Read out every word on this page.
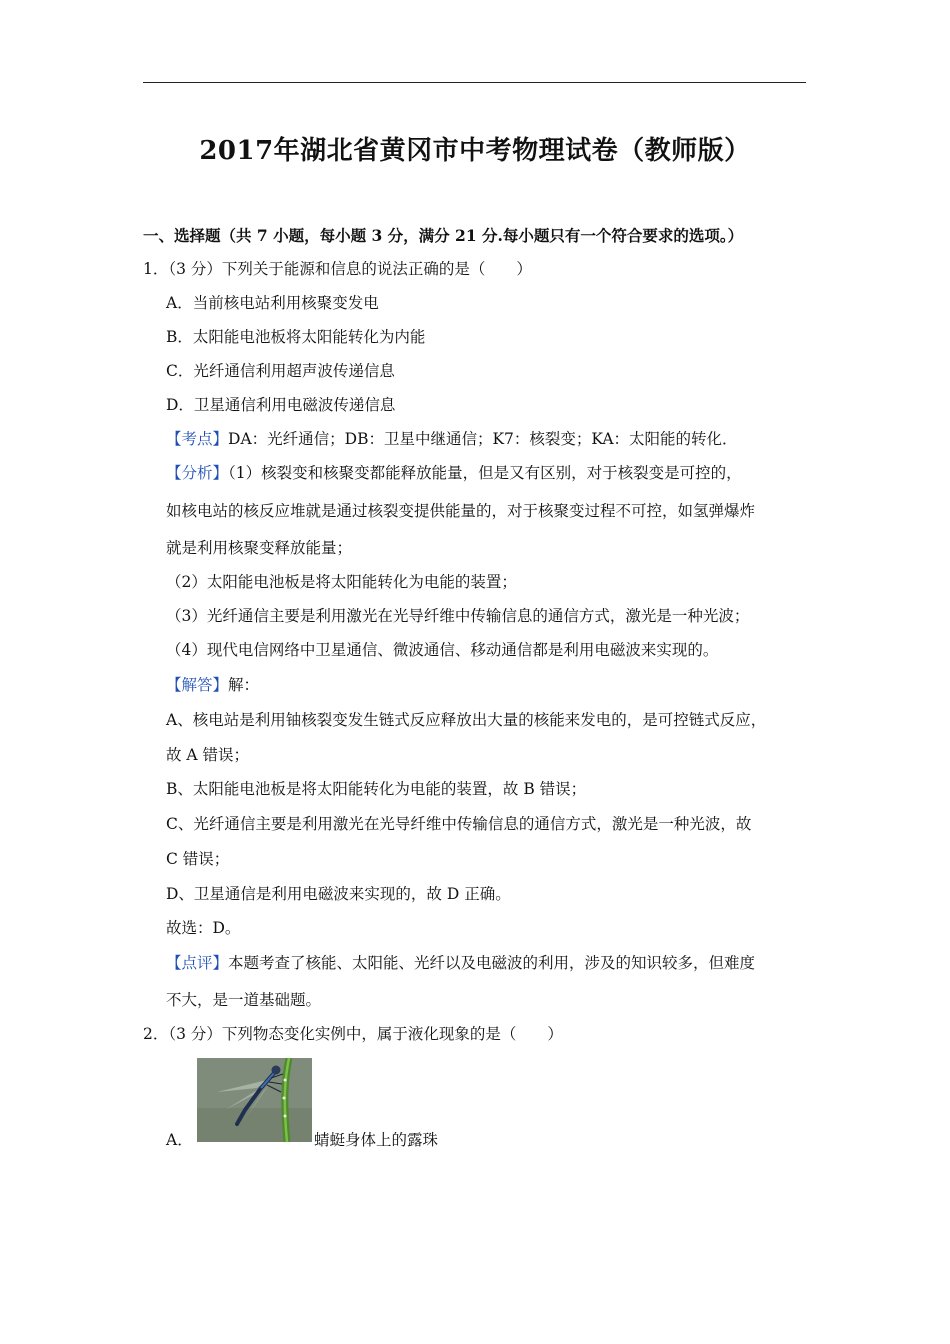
2017年湖北省黄冈市中考物理试卷（教师版）
一、选择题（共 7 小题，每小题 3 分，满分 21 分.每小题只有一个符合要求的选项。）
1．（3 分）下列关于能源和信息的说法正确的是（　　）
A．当前核电站利用核聚变发电
B．太阳能电池板将太阳能转化为内能
C．光纤通信利用超声波传递信息
D．卫星通信利用电磁波传递信息
【考点】DA：光纤通信；DB：卫星中继通信；K7：核裂变；KA：太阳能的转化．
【分析】（1）核裂变和核聚变都能释放能量，但是又有区别，对于核裂变是可控的，
如核电站的核反应堆就是通过核裂变提供能量的，对于核聚变过程不可控，如氢弹爆炸
就是利用核聚变释放能量；
（2）太阳能电池板是将太阳能转化为电能的装置；
（3）光纤通信主要是利用激光在光导纤维中传输信息的通信方式，激光是一种光波；
（4）现代电信网络中卫星通信、微波通信、移动通信都是利用电磁波来实现的。
【解答】解：
A、核电站是利用铀核裂变发生链式反应释放出大量的核能来发电的，是可控链式反应，
故 A 错误；
B、太阳能电池板是将太阳能转化为电能的装置，故 B 错误；
C、光纤通信主要是利用激光在光导纤维中传输信息的通信方式，激光是一种光波，故
C 错误；
D、卫星通信是利用电磁波来实现的，故 D 正确。
故选：D。
【点评】本题考查了核能、太阳能、光纤以及电磁波的利用，涉及的知识较多，但难度
不大，是一道基础题。
2．（3 分）下列物态变化实例中，属于液化现象的是（　　）
A．	蜻蜓身体上的露珠
